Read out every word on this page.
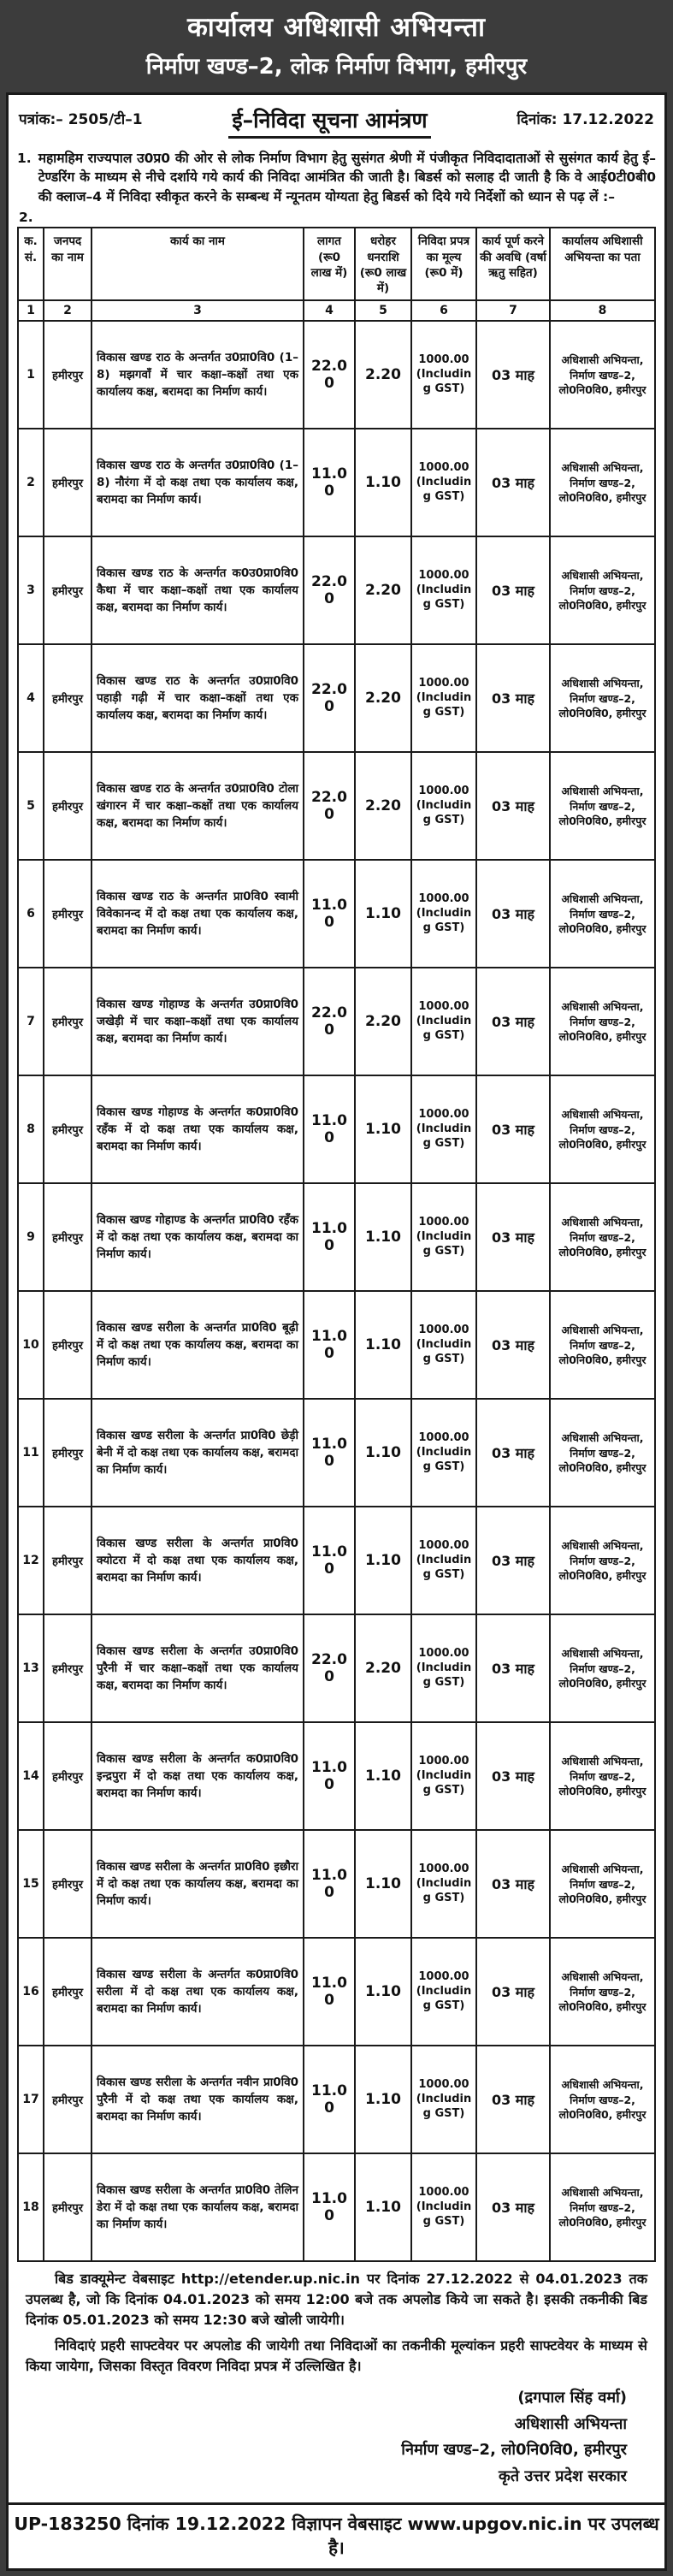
कार्यालय अधिशासी अभियन्ता
निर्माण खण्ड–2, लोक निर्माण विभाग, हमीरपुर
पत्रांक:– 2505/टी–1	ई–निविदा सूचना आमंत्रण	दिनांक: 17.12.2022
1. महामहिम राज्यपाल उ0प्र0 की ओर से लोक निर्माण विभाग हेतु सुसंगत श्रेणी में पंजीकृत निविदादाताओं से सुसंगत कार्य हेतु ई–टेण्डरिंग के माध्यम से नीचे दर्शाये गये कार्य की निविदा आमंत्रित की जाती है। बिडर्स को सलाह दी जाती है कि वे आई0टी0बी0 की क्लाज–4 में निविदा स्वीकृत करने के सम्बन्ध में न्यूनतम योग्यता हेतु बिडर्स को दिये गये निर्देशों को ध्यान से पढ़ लें :–
2.
क. सं.	जनपद का नाम	कार्य का नाम	लागत (रू0 लाख में)	धरोहर धनराशि (रू0 लाख में)	निविदा प्रपत्र का मूल्य (रू0 में)	कार्य पूर्ण करने की अवधि (वर्षा ऋतु सहित)	कार्यालय अधिशासी अभियन्ता का पता
1	2	3	4	5	6	7	8
1	हमीरपुर	विकास खण्ड राठ के अन्तर्गत उ0प्रा0वि0 (1–8) मझगवाँ में चार कक्षा–कक्षों तथा एक कार्यालय कक्ष, बरामदा का निर्माण कार्य।	22.00	2.20	1000.00 (Including GST)	03 माह	अधिशासी अभियन्ता, निर्माण खण्ड–2, लो0नि0वि0, हमीरपुर
2	हमीरपुर	विकास खण्ड राठ के अन्तर्गत उ0प्रा0वि0 (1–8) नौरंगा में दो कक्ष तथा एक कार्यालय कक्ष, बरामदा का निर्माण कार्य।	11.00	1.10	1000.00 (Including GST)	03 माह	अधिशासी अभियन्ता, निर्माण खण्ड–2, लो0नि0वि0, हमीरपुर
3	हमीरपुर	विकास खण्ड राठ के अन्तर्गत क0उ0प्रा0वि0 कैथा में चार कक्षा–कक्षों तथा एक कार्यालय कक्ष, बरामदा का निर्माण कार्य।	22.00	2.20	1000.00 (Including GST)	03 माह	अधिशासी अभियन्ता, निर्माण खण्ड–2, लो0नि0वि0, हमीरपुर
4	हमीरपुर	विकास खण्ड राठ के अन्तर्गत उ0प्रा0वि0 पहाड़ी गढ़ी में चार कक्षा–कक्षों तथा एक कार्यालय कक्ष, बरामदा का निर्माण कार्य।	22.00	2.20	1000.00 (Including GST)	03 माह	अधिशासी अभियन्ता, निर्माण खण्ड–2, लो0नि0वि0, हमीरपुर
5	हमीरपुर	विकास खण्ड राठ के अन्तर्गत उ0प्रा0वि0 टोला खंगारन में चार कक्षा–कक्षों तथा एक कार्यालय कक्ष, बरामदा का निर्माण कार्य।	22.00	2.20	1000.00 (Including GST)	03 माह	अधिशासी अभियन्ता, निर्माण खण्ड–2, लो0नि0वि0, हमीरपुर
6	हमीरपुर	विकास खण्ड राठ के अन्तर्गत प्रा0वि0 स्वामी विवेकानन्द में दो कक्ष तथा एक कार्यालय कक्ष, बरामदा का निर्माण कार्य।	11.00	1.10	1000.00 (Including GST)	03 माह	अधिशासी अभियन्ता, निर्माण खण्ड–2, लो0नि0वि0, हमीरपुर
7	हमीरपुर	विकास खण्ड गोहाण्ड के अन्तर्गत उ0प्रा0वि0 जखेड़ी में चार कक्षा–कक्षों तथा एक कार्यालय कक्ष, बरामदा का निर्माण कार्य।	22.00	2.20	1000.00 (Including GST)	03 माह	अधिशासी अभियन्ता, निर्माण खण्ड–2, लो0नि0वि0, हमीरपुर
8	हमीरपुर	विकास खण्ड गोहाण्ड के अन्तर्गत क0प्रा0वि0 रहँक में दो कक्ष तथा एक कार्यालय कक्ष, बरामदा का निर्माण कार्य।	11.00	1.10	1000.00 (Including GST)	03 माह	अधिशासी अभियन्ता, निर्माण खण्ड–2, लो0नि0वि0, हमीरपुर
9	हमीरपुर	विकास खण्ड गोहाण्ड के अन्तर्गत प्रा0वि0 रहँक में दो कक्ष तथा एक कार्यालय कक्ष, बरामदा का निर्माण कार्य।	11.00	1.10	1000.00 (Including GST)	03 माह	अधिशासी अभियन्ता, निर्माण खण्ड–2, लो0नि0वि0, हमीरपुर
10	हमीरपुर	विकास खण्ड सरीला के अन्तर्गत प्रा0वि0 बूढ़ी में दो कक्ष तथा एक कार्यालय कक्ष, बरामदा का निर्माण कार्य।	11.00	1.10	1000.00 (Including GST)	03 माह	अधिशासी अभियन्ता, निर्माण खण्ड–2, लो0नि0वि0, हमीरपुर
11	हमीरपुर	विकास खण्ड सरीला के अन्तर्गत प्रा0वि0 छेड़ी बेनी में दो कक्ष तथा एक कार्यालय कक्ष, बरामदा का निर्माण कार्य।	11.00	1.10	1000.00 (Including GST)	03 माह	अधिशासी अभियन्ता, निर्माण खण्ड–2, लो0नि0वि0, हमीरपुर
12	हमीरपुर	विकास खण्ड सरीला के अन्तर्गत प्रा0वि0 क्योटरा में दो कक्ष तथा एक कार्यालय कक्ष, बरामदा का निर्माण कार्य।	11.00	1.10	1000.00 (Including GST)	03 माह	अधिशासी अभियन्ता, निर्माण खण्ड–2, लो0नि0वि0, हमीरपुर
13	हमीरपुर	विकास खण्ड सरीला के अन्तर्गत उ0प्रा0वि0 पुरैनी में चार कक्षा–कक्षों तथा एक कार्यालय कक्ष, बरामदा का निर्माण कार्य।	22.00	2.20	1000.00 (Including GST)	03 माह	अधिशासी अभियन्ता, निर्माण खण्ड–2, लो0नि0वि0, हमीरपुर
14	हमीरपुर	विकास खण्ड सरीला के अन्तर्गत क0प्रा0वि0 इन्द्रपुरा में दो कक्ष तथा एक कार्यालय कक्ष, बरामदा का निर्माण कार्य।	11.00	1.10	1000.00 (Including GST)	03 माह	अधिशासी अभियन्ता, निर्माण खण्ड–2, लो0नि0वि0, हमीरपुर
15	हमीरपुर	विकास खण्ड सरीला के अन्तर्गत प्रा0वि0 इछौरा में दो कक्ष तथा एक कार्यालय कक्ष, बरामदा का निर्माण कार्य।	11.00	1.10	1000.00 (Including GST)	03 माह	अधिशासी अभियन्ता, निर्माण खण्ड–2, लो0नि0वि0, हमीरपुर
16	हमीरपुर	विकास खण्ड सरीला के अन्तर्गत क0प्रा0वि0 सरीला में दो कक्ष तथा एक कार्यालय कक्ष, बरामदा का निर्माण कार्य।	11.00	1.10	1000.00 (Including GST)	03 माह	अधिशासी अभियन्ता, निर्माण खण्ड–2, लो0नि0वि0, हमीरपुर
17	हमीरपुर	विकास खण्ड सरीला के अन्तर्गत नवीन प्रा0वि0 पुरैनी में दो कक्ष तथा एक कार्यालय कक्ष, बरामदा का निर्माण कार्य।	11.00	1.10	1000.00 (Including GST)	03 माह	अधिशासी अभियन्ता, निर्माण खण्ड–2, लो0नि0वि0, हमीरपुर
18	हमीरपुर	विकास खण्ड सरीला के अन्तर्गत प्रा0वि0 तेलिन डेरा में दो कक्ष तथा एक कार्यालय कक्ष, बरामदा का निर्माण कार्य।	11.00	1.10	1000.00 (Including GST)	03 माह	अधिशासी अभियन्ता, निर्माण खण्ड–2, लो0नि0वि0, हमीरपुर

बिड डाक्यूमेन्ट वेबसाइट http://etender.up.nic.in पर दिनांक 27.12.2022 से 04.01.2023 तक उपलब्ध है, जो कि दिनांक 04.01.2023 को समय 12:00 बजे तक अपलोड किये जा सकते है। इसकी तकनीकी बिड दिनांक 05.01.2023 को समय 12:30 बजे खोली जायेगी।

निविदाएं प्रहरी साफ्टवेयर पर अपलोड की जायेगी तथा निविदाओं का तकनीकी मूल्यांकन प्रहरी साफ्टवेयर के माध्यम से किया जायेगा, जिसका विस्तृत विवरण निविदा प्रपत्र में उल्लिखित है।

(द्रगपाल सिंह वर्मा)
अधिशासी अभियन्ता
निर्माण खण्ड–2, लो0नि0वि0, हमीरपुर
कृते उत्तर प्रदेश सरकार
UP-183250 दिनांक 19.12.2022 विज्ञापन वेबसाइट www.upgov.nic.in पर उपलब्ध है।
